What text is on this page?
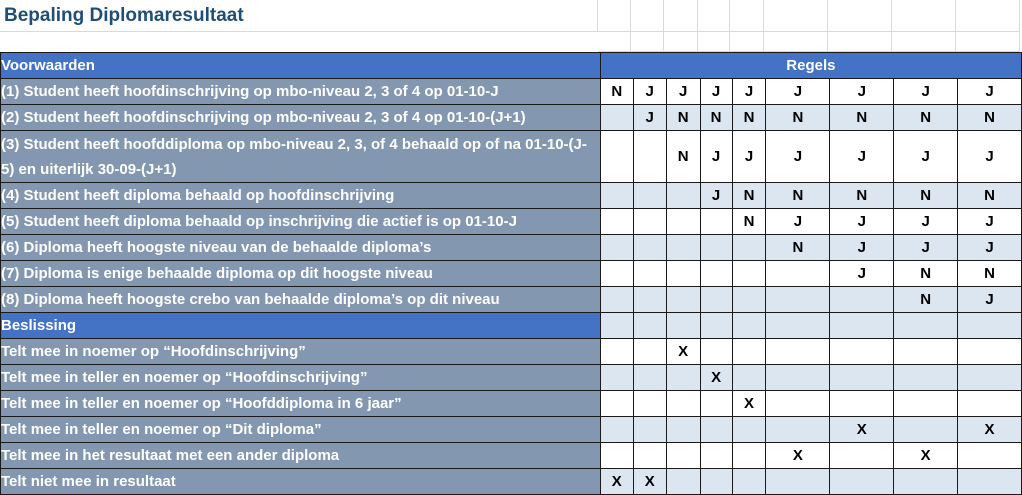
Bepaling Diplomaresultaat
Voorwaarden	Regels								
(1) Student heeft hoofdinschrijving op mbo-niveau 2, 3 of 4 op 01-10-J	N	J	J	J	J	J	J	J	J
(2) Student heeft hoofdinschrijving op mbo-niveau 2, 3 of 4 op 01-10-(J+1)		J	N	N	N	N	N	N	N
(3) Student heeft hoofddiploma op mbo-niveau 2, 3, of 4 behaald op of na 01-10-(J-5) en uiterlijk 30-09-(J+1)			N	J	J	J	J	J	J
(4) Student heeft diploma behaald op hoofdinschrijving				J	N	N	N	N	N
(5) Student heeft diploma behaald op inschrijving die actief is op 01-10-J					N	J	J	J	J
(6) Diploma heeft hoogste niveau van de behaalde diploma’s						N	J	J	J
(7) Diploma is enige behaalde diploma op dit hoogste niveau							J	N	N
(8) Diploma heeft hoogste crebo van behaalde diploma’s op dit niveau								N	J
Beslissing									
Telt mee in noemer op “Hoofdinschrijving”			X						
Telt mee in teller en noemer op “Hoofdinschrijving”				X					
Telt mee in teller en noemer op “Hoofddiploma in 6 jaar”					X				
Telt mee in teller en noemer op “Dit diploma”							X		X
Telt mee in het resultaat met een ander diploma						X		X	
Telt niet mee in resultaat	X	X							
